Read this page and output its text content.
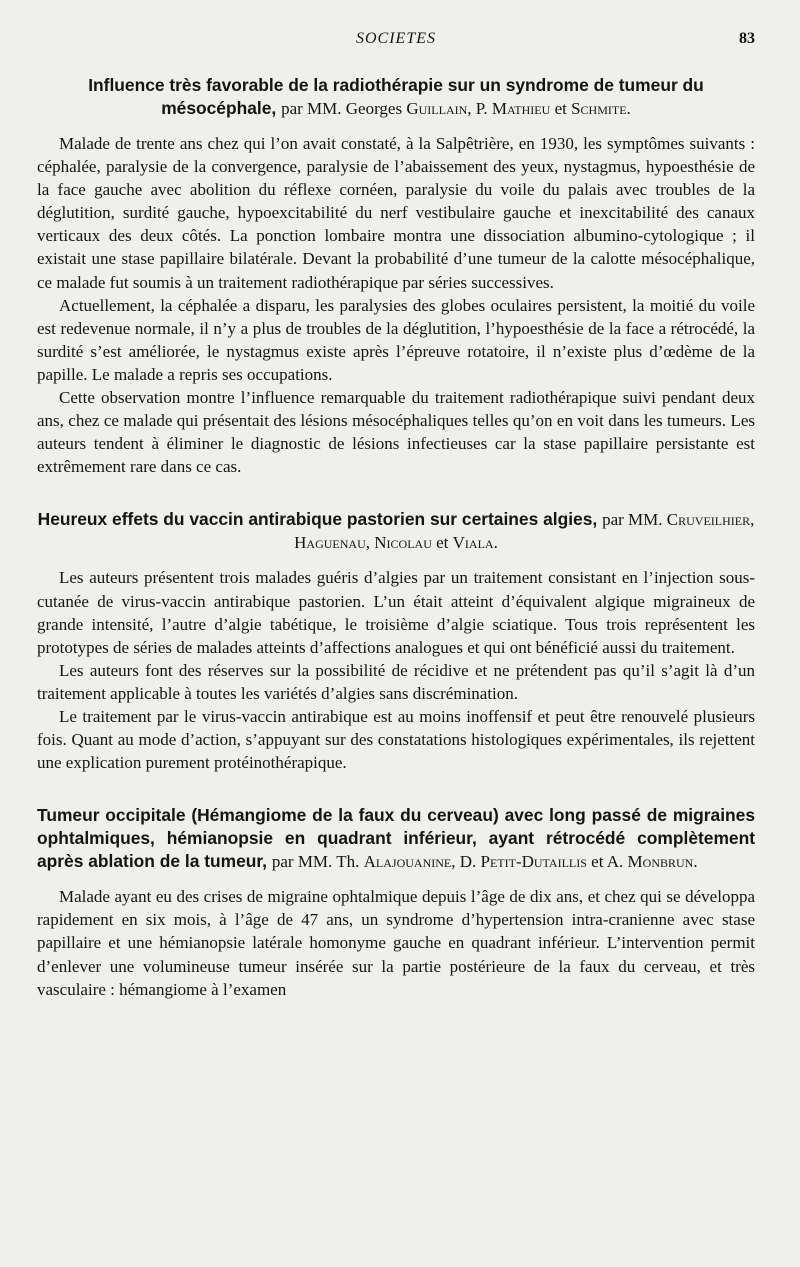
SOCIETES	83

Influence très favorable de la radiothérapie sur un syndrome de tumeur du mésocéphale, par MM. Georges Guillain, P. Mathieu et Schmite.

Malade de trente ans chez qui l’on avait constaté, à la Salpêtrière, en 1930, les symptômes suivants : céphalée, paralysie de la convergence, paralysie de l’abaissement des yeux, nystagmus, hypoesthésie de la face gauche avec abolition du réflexe cornéen, paralysie du voile du palais avec troubles de la déglutition, surdité gauche, hypoexcitabilité du nerf vestibulaire gauche et inexcitabilité des canaux verticaux des deux côtés. La ponction lombaire montra une dissociation albumino-cytologique ; il existait une stase papillaire bilatérale. Devant la probabilité d’une tumeur de la calotte mésocéphalique, ce malade fut soumis à un traitement radiothérapique par séries successives.

Actuellement, la céphalée a disparu, les paralysies des globes oculaires persistent, la moitié du voile est redevenue normale, il n’y a plus de troubles de la déglutition, l’hypoesthésie de la face a rétrocédé, la surdité s’est améliorée, le nystagmus existe après l’épreuve rotatoire, il n’existe plus d’œdème de la papille. Le malade a repris ses occupations.

Cette observation montre l’influence remarquable du traitement radiothérapique suivi pendant deux ans, chez ce malade qui présentait des lésions mésocéphaliques telles qu’on en voit dans les tumeurs. Les auteurs tendent à éliminer le diagnostic de lésions infectieuses car la stase papillaire persistante est extrêmement rare dans ce cas.

Heureux effets du vaccin antirabique pastorien sur certaines algies, par MM. Cruveilhier, Haguenau, Nicolau et Viala.

Les auteurs présentent trois malades guéris d’algies par un traitement consistant en l’injection sous-cutanée de virus-vaccin antirabique pastorien. L’un était atteint d’équivalent algique migraineux de grande intensité, l’autre d’algie tabétique, le troisième d’algie sciatique. Tous trois représentent les prototypes de séries de malades atteints d’affections analogues et qui ont bénéficié aussi du traitement.

Les auteurs font des réserves sur la possibilité de récidive et ne prétendent pas qu’il s’agit là d’un traitement applicable à toutes les variétés d’algies sans discrémination.

Le traitement par le virus-vaccin antirabique est au moins inoffensif et peut être renouvelé plusieurs fois. Quant au mode d’action, s’appuyant sur des constatations histologiques expérimentales, ils rejettent une explication purement protéinothérapique.

Tumeur occipitale (Hémangiome de la faux du cerveau) avec long passé de migraines ophtalmiques, hémianopsie en quadrant inférieur, ayant rétrocédé complètement après ablation de la tumeur, par MM. Th. Alajouanine, D. Petit-Dutaillis et A. Monbrun.

Malade ayant eu des crises de migraine ophtalmique depuis l’âge de dix ans, et chez qui se développa rapidement en six mois, à l’âge de 47 ans, un syndrome d’hypertension intra-cranienne avec stase papillaire et une hémianopsie latérale homonyme gauche en quadrant inférieur. L’intervention permit d’enlever une volumineuse tumeur insérée sur la partie postérieure de la faux du cerveau, et très vasculaire : hémangiome à l’examen
